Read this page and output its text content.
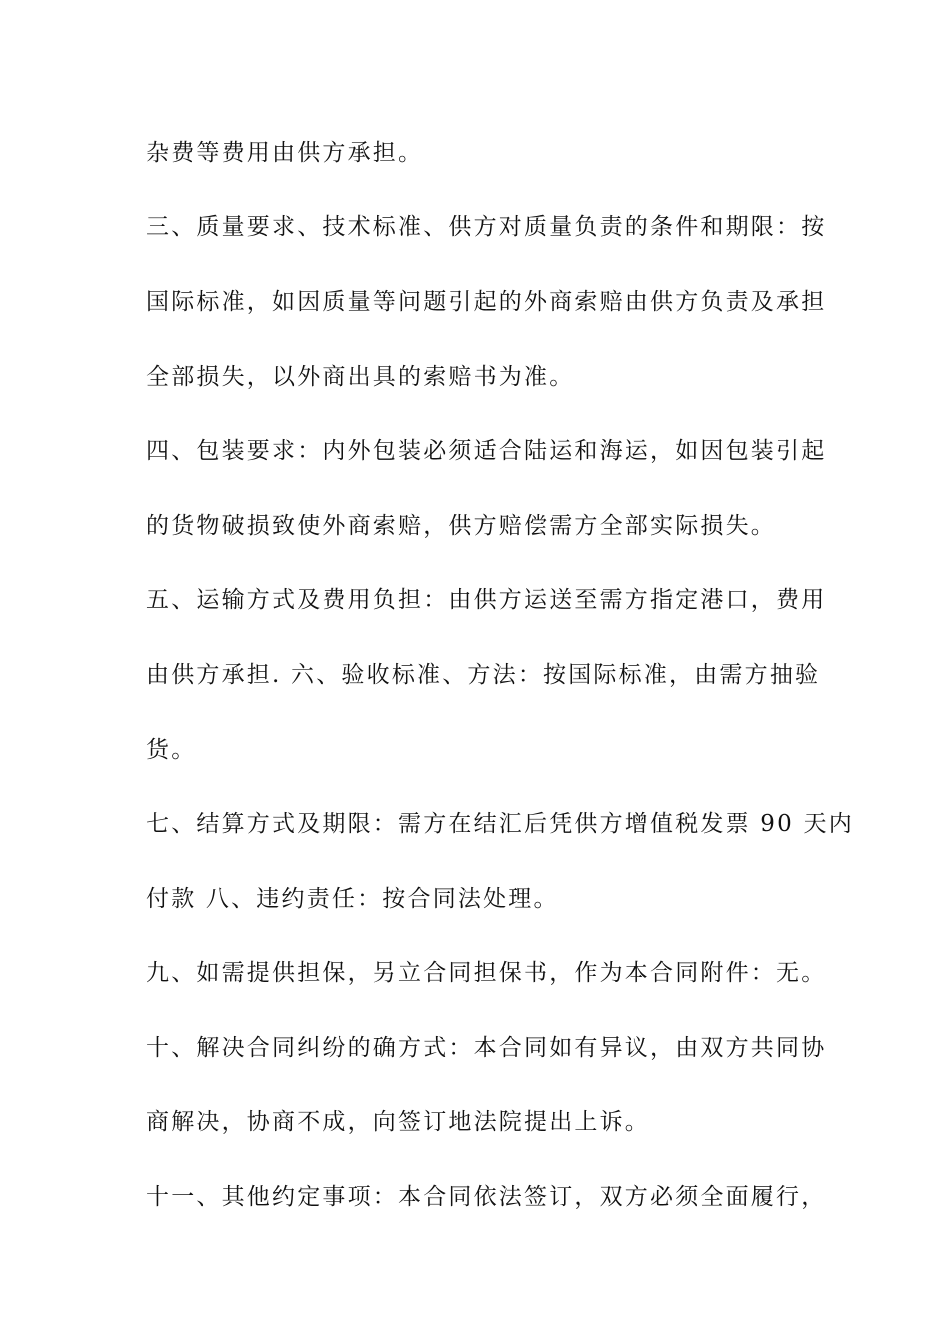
杂费等费用由供方承担。
三、质量要求、技术标准、供方对质量负责的条件和期限：按
国际标准，如因质量等问题引起的外商索赔由供方负责及承担
全部损失，以外商出具的索赔书为准。
四、包装要求：内外包装必须适合陆运和海运，如因包装引起
的货物破损致使外商索赔，供方赔偿需方全部实际损失。
五、运输方式及费用负担：由供方运送至需方指定港口，费用
由供方承担. 六、验收标准、方法：按国际标准，由需方抽验
货。
七、结算方式及期限：需方在结汇后凭供方增值税发票 90 天内
付款 八、违约责任：按合同法处理。
九、如需提供担保，另立合同担保书，作为本合同附件：无。
十、解决合同纠纷的确方式：本合同如有异议，由双方共同协
商解决，协商不成，向签订地法院提出上诉。
十一、其他约定事项：本合同依法签订，双方必须全面履行，
